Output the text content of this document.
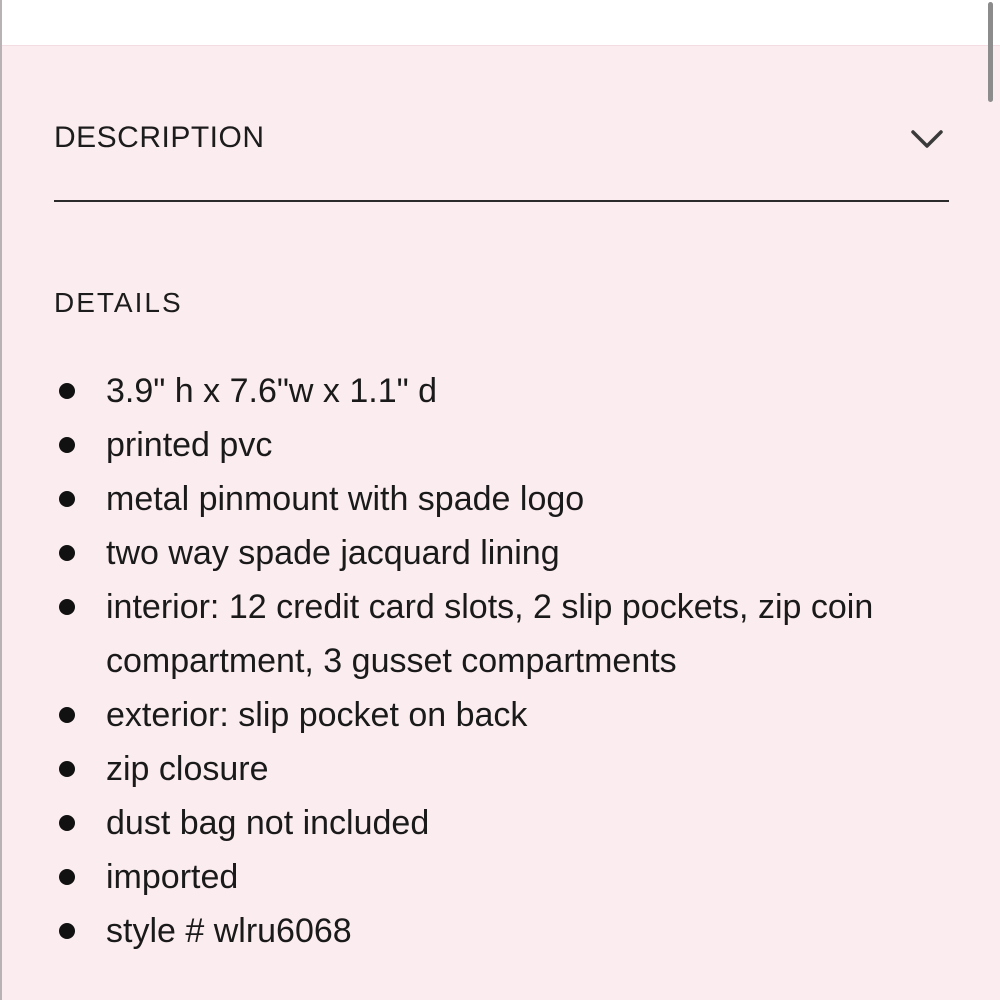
DESCRIPTION
DETAILS
3.9" h x 7.6"w x 1.1" d
printed pvc
metal pinmount with spade logo
two way spade jacquard lining
interior: 12 credit card slots, 2 slip pockets, zip coin compartment, 3 gusset compartments
exterior: slip pocket on back
zip closure
dust bag not included
imported
style # wlru6068
